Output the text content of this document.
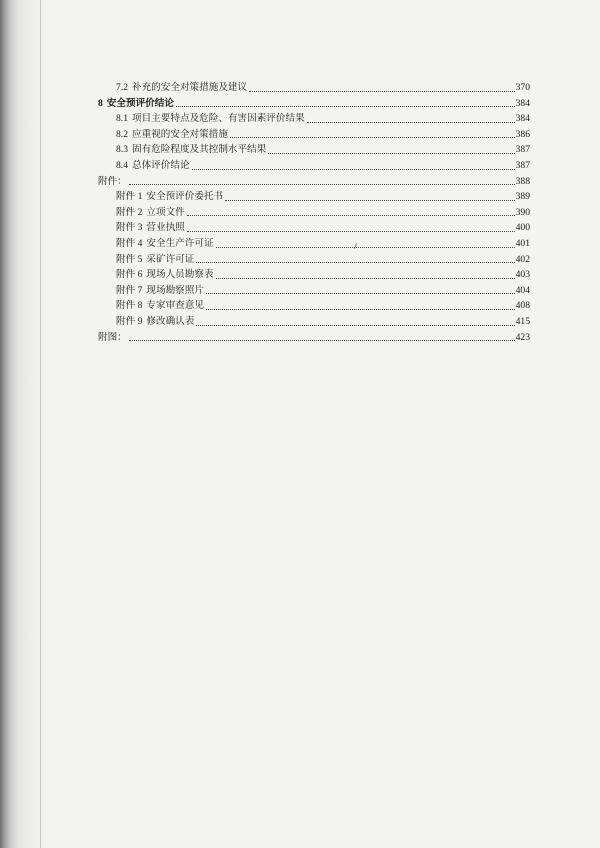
7.2 补充的安全对策措施及建议	370
8 安全预评价结论	384
8.1 项目主要特点及危险、有害因素评价结果	384
8.2 应重视的安全对策措施	386
8.3 固有危险程度及其控制水平结果	387
8.4 总体评价结论	387
附件：	388
附件 1 安全预评价委托书	389
附件 2 立项文件	390
附件 3 营业执照	400
附件 4 安全生产许可证	401
附件 5 采矿许可证	402
附件 6 现场人员勘察表	403
附件 7 现场勘察照片	404
附件 8 专家审查意见	408
附件 9 修改确认表	415
附图：	423
